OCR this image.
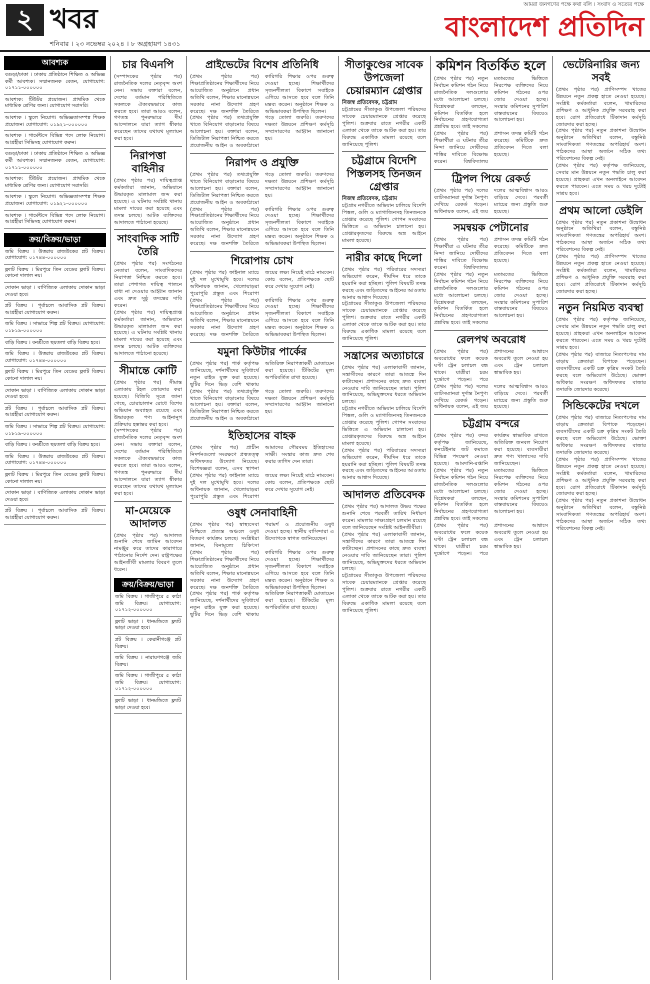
২ খবর
শনিবার । ২৩ নভেম্বর ২০২৪ । ৮ অগ্রহায়ণ ১৪৩১
আমরা জনগণের পক্ষে কথা বলি । সংবাদ ও সত্যের পক্ষে
বাংলাদেশ প্রতিদিন
আবশ্যক
বগুড়া/ঢাকা । ঢাকায় প্রতিষ্ঠানে শিক্ষিত ও অভিজ্ঞ কর্মী আবশ্যক। সম্মানজনক বেতন, যোগাযোগ: ০১৭১১-০০০০০০
আবশ্যক: টিউটর প্রয়োজন। প্রাথমিক থেকে মাধ্যমিক শ্রেণির জন্য। যোগাযোগ সরাসরি।
আবশ্যক । স্কুলে নিয়োগ। অভিজ্ঞতাসম্পন্ন শিক্ষক প্রয়োজন। যোগাযোগ: ০১৯২১-০০০০০০
আবশ্যক । গার্মেন্টসে বিভিন্ন পদে লোক নিয়োগ। আগ্রহীরা সিভিসহ যোগাযোগ করুন।
বগুড়া/ঢাকা । ঢাকায় প্রতিষ্ঠানে শিক্ষিত ও অভিজ্ঞ কর্মী আবশ্যক। সম্মানজনক বেতন, যোগাযোগ: ০১৭১১-০০০০০০
আবশ্যক: টিউটর প্রয়োজন। প্রাথমিক থেকে মাধ্যমিক শ্রেণির জন্য। যোগাযোগ সরাসরি।
আবশ্যক । স্কুলে নিয়োগ। অভিজ্ঞতাসম্পন্ন শিক্ষক প্রয়োজন। যোগাযোগ: ০১৯২১-০০০০০০
আবশ্যক । গার্মেন্টসে বিভিন্ন পদে লোক নিয়োগ। আগ্রহীরা সিভিসহ যোগাযোগ করুন।
ক্রয়/বিক্রয়/ভাড়া
জমি বিক্রয় । উত্তরায় রাজউকের প্লট বিক্রয়। যোগাযোগ: ০১৭৪৪-০০০০০০
ফ্ল্যাট বিক্রয় । মিরপুরে তিন বেডের ফ্ল্যাট বিক্রয়। কোনো দালাল নয়।
দোকান ভাড়া । বাণিজ্যিক এলাকায় দোকান ভাড়া দেওয়া হবে।
প্লট বিক্রয় । পূর্বাচলে আবাসিক প্লট বিক্রয়। আগ্রহীরা যোগাযোগ করুন।
জমি বিক্রয় । সাভারে শিল্প প্লট বিক্রয়। যোগাযোগ: ০১৮১৯-০০০০০০
বাড়ি বিক্রয় । বনশ্রীতে ছয়তলা বাড়ি বিক্রয় হবে।
জমি বিক্রয় । উত্তরায় রাজউকের প্লট বিক্রয়। যোগাযোগ: ০১৭৪৪-০০০০০০
ফ্ল্যাট বিক্রয় । মিরপুরে তিন বেডের ফ্ল্যাট বিক্রয়। কোনো দালাল নয়।
দোকান ভাড়া । বাণিজ্যিক এলাকায় দোকান ভাড়া দেওয়া হবে।
প্লট বিক্রয় । পূর্বাচলে আবাসিক প্লট বিক্রয়। আগ্রহীরা যোগাযোগ করুন।
জমি বিক্রয় । সাভারে শিল্প প্লট বিক্রয়। যোগাযোগ: ০১৮১৯-০০০০০০
বাড়ি বিক্রয় । বনশ্রীতে ছয়তলা বাড়ি বিক্রয় হবে।
জমি বিক্রয় । উত্তরায় রাজউকের প্লট বিক্রয়। যোগাযোগ: ০১৭৪৪-০০০০০০
ফ্ল্যাট বিক্রয় । মিরপুরে তিন বেডের ফ্ল্যাট বিক্রয়। কোনো দালাল নয়।
দোকান ভাড়া । বাণিজ্যিক এলাকায় দোকান ভাড়া দেওয়া হবে।
প্লট বিক্রয় । পূর্বাচলে আবাসিক প্লট বিক্রয়। আগ্রহীরা যোগাযোগ করুন।
চার বিএনপি
(সম্পাদকের পৃষ্ঠার পর) রাজনৈতিক দলের নেতৃবৃন্দ অংশ নেন। সভায় বক্তারা বলেন, দেশের বর্তমান পরিস্থিতিতে সকলকে ঐক্যবদ্ধভাবে কাজ করতে হবে। তারা আরও বলেন, গণতন্ত্র পুনরুদ্ধারে দীর্ঘ আন্দোলনে যারা ত্যাগ স্বীকার করেছেন তাদের যথাযথ মূল্যায়ন করা হবে।
নিরাপত্তা বাহিনীর
(প্রথম পৃষ্ঠার পর) দায়িত্বপ্রাপ্ত কর্মকর্তারা জানান, অভিযানে উদ্ধারকৃত মালামাল জব্দ করা হয়েছে। এ ঘটনায় সংশ্লিষ্ট থানায় মামলা দায়ের করা হয়েছে এবং তদন্ত চলছে। আটক ব্যক্তিদের আদালতে পাঠানো হয়েছে।
সাংবাদিক সাটি তৈরি
(প্রথম পৃষ্ঠার পর) সংগঠনের নেতারা বলেন, সাংবাদিকদের নিরাপত্তা নিশ্চিত করতে হবে। তারা পেশাগত দায়িত্ব পালনে বাধা না দেওয়ার আহ্বান জানান এবং দ্রুত সুষ্ঠু তদন্তের দাবি করেন।
(প্রথম পৃষ্ঠার পর) দায়িত্বপ্রাপ্ত কর্মকর্তারা জানান, অভিযানে উদ্ধারকৃত মালামাল জব্দ করা হয়েছে। এ ঘটনায় সংশ্লিষ্ট থানায় মামলা দায়ের করা হয়েছে এবং তদন্ত চলছে। আটক ব্যক্তিদের আদালতে পাঠানো হয়েছে।
সীমান্তে কোটি
(প্রথম পৃষ্ঠার পর) সীমান্ত এলাকায় টহল জোরদার করা হয়েছে। বিজিবি সূত্রে জানা গেছে, চোরাচালান রোধে বিশেষ অভিযান অব্যাহত রয়েছে এবং উদ্ধারকৃত পণ্য আইনানুগ প্রক্রিয়ায় হস্তান্তর করা হবে।
(সম্পাদকের পৃষ্ঠার পর) রাজনৈতিক দলের নেতৃবৃন্দ অংশ নেন। সভায় বক্তারা বলেন, দেশের বর্তমান পরিস্থিতিতে সকলকে ঐক্যবদ্ধভাবে কাজ করতে হবে। তারা আরও বলেন, গণতন্ত্র পুনরুদ্ধারে দীর্ঘ আন্দোলনে যারা ত্যাগ স্বীকার করেছেন তাদের যথাযথ মূল্যায়ন করা হবে।
মা-মেয়েকে আদালত
(প্রথম পৃষ্ঠার পর) আদালত শুনানি শেষে জামিন আবেদন নামঞ্জুর করে তাদের কারাগারে পাঠানোর নির্দেশ দেন। রাষ্ট্রপক্ষের আইনজীবী মামলার বিবরণ তুলে ধরেন।
ক্রয়/বিক্রয়/ভাড়া
জমি বিক্রয় । গাজীপুরে ৫ কাঠা জমি বিক্রয়। যোগাযোগ: ০১৭১২-০০০০০০
ফ্ল্যাট ভাড়া । ধানমন্ডিতে ফ্ল্যাট ভাড়া দেওয়া হবে।
প্লট বিক্রয় । কেরানীগঞ্জে প্লট বিক্রয়।
জমি বিক্রয় । নারায়ণগঞ্জে জমি বিক্রয়।
জমি বিক্রয় । গাজীপুরে ৫ কাঠা জমি বিক্রয়। যোগাযোগ: ০১৭১২-০০০০০০
ফ্ল্যাট ভাড়া । ধানমন্ডিতে ফ্ল্যাট ভাড়া দেওয়া হবে।
প্রাইভেটের বিশেষ প্রতিনিধি
(প্রথম পৃষ্ঠার পর) শিক্ষাপ্রতিষ্ঠানের শিক্ষার্থীদের নিয়ে আয়োজিত অনুষ্ঠানে প্রধান অতিথি বলেন, শিক্ষার মানোন্নয়নে সরকার নানা উদ্যোগ গ্রহণ করেছে। দক্ষ জনশক্তি তৈরিতে কারিগরি শিক্ষার ওপর গুরুত্ব দেওয়া হচ্ছে। শিক্ষার্থীদের সৃজনশীলতা বিকাশে সবাইকে এগিয়ে আসতে হবে বলে তিনি মন্তব্য করেন। অনুষ্ঠানে শিক্ষক ও অভিভাবকরা উপস্থিত ছিলেন।
(প্রথম পৃষ্ঠার পর) তথ্যপ্রযুক্তি খাতে বিনিয়োগ বাড়ানোর বিষয়ে আলোচনা হয়। বক্তারা বলেন, ডিজিটাল নিরাপত্তা নিশ্চিত করতে প্রয়োজনীয় আইন ও অবকাঠামো গড়ে তোলা জরুরি। তরুণদের দক্ষতা উন্নয়নে প্রশিক্ষণ কর্মসূচি সম্প্রসারণের আহ্বান জানানো হয়।
নিরাপদ ও প্রযুক্তি
(প্রথম পৃষ্ঠার পর) তথ্যপ্রযুক্তি খাতে বিনিয়োগ বাড়ানোর বিষয়ে আলোচনা হয়। বক্তারা বলেন, ডিজিটাল নিরাপত্তা নিশ্চিত করতে প্রয়োজনীয় আইন ও অবকাঠামো গড়ে তোলা জরুরি। তরুণদের দক্ষতা উন্নয়নে প্রশিক্ষণ কর্মসূচি সম্প্রসারণের আহ্বান জানানো হয়।
(প্রথম পৃষ্ঠার পর) শিক্ষাপ্রতিষ্ঠানের শিক্ষার্থীদের নিয়ে আয়োজিত অনুষ্ঠানে প্রধান অতিথি বলেন, শিক্ষার মানোন্নয়নে সরকার নানা উদ্যোগ গ্রহণ করেছে। দক্ষ জনশক্তি তৈরিতে কারিগরি শিক্ষার ওপর গুরুত্ব দেওয়া হচ্ছে। শিক্ষার্থীদের সৃজনশীলতা বিকাশে সবাইকে এগিয়ে আসতে হবে বলে তিনি মন্তব্য করেন। অনুষ্ঠানে শিক্ষক ও অভিভাবকরা উপস্থিত ছিলেন।
শিরোপায় চোখ
(প্রথম পৃষ্ঠার পর) ফাইনাল ম্যাচে দুই দল মুখোমুখি হবে। দলের অধিনায়ক জানান, খেলোয়াড়রা পুরোপুরি প্রস্তুত এবং শিরোপা জয়ের লক্ষ্য নিয়েই মাঠে নামবেন। কোচ বলেন, প্রতিপক্ষকে ছোট করে দেখার সুযোগ নেই।
(প্রথম পৃষ্ঠার পর) শিক্ষাপ্রতিষ্ঠানের শিক্ষার্থীদের নিয়ে আয়োজিত অনুষ্ঠানে প্রধান অতিথি বলেন, শিক্ষার মানোন্নয়নে সরকার নানা উদ্যোগ গ্রহণ করেছে। দক্ষ জনশক্তি তৈরিতে কারিগরি শিক্ষার ওপর গুরুত্ব দেওয়া হচ্ছে। শিক্ষার্থীদের সৃজনশীলতা বিকাশে সবাইকে এগিয়ে আসতে হবে বলে তিনি মন্তব্য করেন। অনুষ্ঠানে শিক্ষক ও অভিভাবকরা উপস্থিত ছিলেন।
যমুনা কিউটার পার্কের
(প্রথম পৃষ্ঠার পর) পার্ক কর্তৃপক্ষ জানিয়েছে, দর্শনার্থীদের সুবিধার্থে নতুন রাইড যুক্ত করা হয়েছে। ছুটির দিনে ভিড় বেশি থাকায় অতিরিক্ত নিরাপত্তাকর্মী মোতায়েন করা হয়েছে। টিকিটের মূল্য অপরিবর্তিত রাখা হয়েছে।
(প্রথম পৃষ্ঠার পর) তথ্যপ্রযুক্তি খাতে বিনিয়োগ বাড়ানোর বিষয়ে আলোচনা হয়। বক্তারা বলেন, ডিজিটাল নিরাপত্তা নিশ্চিত করতে প্রয়োজনীয় আইন ও অবকাঠামো গড়ে তোলা জরুরি। তরুণদের দক্ষতা উন্নয়নে প্রশিক্ষণ কর্মসূচি সম্প্রসারণের আহ্বান জানানো হয়।
ইতিহাসের বাহক
(প্রথম পৃষ্ঠার পর) প্রাচীন নিদর্শনগুলো সংরক্ষণে প্রত্নতত্ত্ব অধিদফতর উদ্যোগ নিয়েছে। বিশেষজ্ঞরা বলেন, এসব স্থাপনা আমাদের গৌরবময় ইতিহাসের সাক্ষী। সংস্কার কাজ দ্রুত শেষ করার তাগিদ দেন তারা।
(প্রথম পৃষ্ঠার পর) ফাইনাল ম্যাচে দুই দল মুখোমুখি হবে। দলের অধিনায়ক জানান, খেলোয়াড়রা পুরোপুরি প্রস্তুত এবং শিরোপা জয়ের লক্ষ্য নিয়েই মাঠে নামবেন। কোচ বলেন, প্রতিপক্ষকে ছোট করে দেখার সুযোগ নেই।
ওষুধ সেনাবাহিনী
(প্রথম পৃষ্ঠার পর) স্বাস্থ্যসেবা নিশ্চিতে প্রত্যন্ত অঞ্চলে ওষুধ বিতরণ কার্যক্রম চলছে। সংশ্লিষ্টরা জানান, বিনামূল্যে চিকিৎসা পরামর্শ ও প্রয়োজনীয় ওষুধ দেওয়া হচ্ছে। স্থানীয় বাসিন্দারা এ উদ্যোগকে স্বাগত জানিয়েছেন।
(প্রথম পৃষ্ঠার পর) শিক্ষাপ্রতিষ্ঠানের শিক্ষার্থীদের নিয়ে আয়োজিত অনুষ্ঠানে প্রধান অতিথি বলেন, শিক্ষার মানোন্নয়নে সরকার নানা উদ্যোগ গ্রহণ করেছে। দক্ষ জনশক্তি তৈরিতে কারিগরি শিক্ষার ওপর গুরুত্ব দেওয়া হচ্ছে। শিক্ষার্থীদের সৃজনশীলতা বিকাশে সবাইকে এগিয়ে আসতে হবে বলে তিনি মন্তব্য করেন। অনুষ্ঠানে শিক্ষক ও অভিভাবকরা উপস্থিত ছিলেন।
(প্রথম পৃষ্ঠার পর) পার্ক কর্তৃপক্ষ জানিয়েছে, দর্শনার্থীদের সুবিধার্থে নতুন রাইড যুক্ত করা হয়েছে। ছুটির দিনে ভিড় বেশি থাকায় অতিরিক্ত নিরাপত্তাকর্মী মোতায়েন করা হয়েছে। টিকিটের মূল্য অপরিবর্তিত রাখা হয়েছে।
সীতাকুণ্ডের সাবেক উপজেলা চেয়ারম্যান গ্রেপ্তার
নিজস্ব প্রতিবেদক, চট্টগ্রাম
চট্টগ্রামের সীতাকুণ্ড উপজেলা পরিষদের সাবেক চেয়ারম্যানকে গ্রেপ্তার করেছে পুলিশ। শুক্রবার রাতে নগরীর একটি এলাকা থেকে তাকে আটক করা হয়। তার বিরুদ্ধে একাধিক মামলা রয়েছে বলে জানিয়েছে পুলিশ।
চট্টগ্রামে বিদেশি পিস্তলসহ তিনজন গ্রেপ্তার
নিজস্ব প্রতিবেদক, চট্টগ্রাম
চট্টগ্রাম নগরীতে অভিযান চালিয়ে বিদেশি পিস্তল, গুলি ও ম্যাগাজিনসহ তিনজনকে গ্রেপ্তার করেছে পুলিশ। গোপন সংবাদের ভিত্তিতে এ অভিযান চালানো হয়। গ্রেপ্তারকৃতদের বিরুদ্ধে অস্ত্র আইনে মামলা হয়েছে।
নারীর কাছে দিলো
(প্রথম পৃষ্ঠার পর) পরিবারের সদস্যরা অভিযোগ করেন, দীর্ঘদিন ধরে তাকে হয়রানি করা হচ্ছিল। পুলিশ বিষয়টি তদন্ত করছে এবং জড়িতদের আইনের আওতায় আনার আশ্বাস দিয়েছে।
চট্টগ্রামের সীতাকুণ্ড উপজেলা পরিষদের সাবেক চেয়ারম্যানকে গ্রেপ্তার করেছে পুলিশ। শুক্রবার রাতে নগরীর একটি এলাকা থেকে তাকে আটক করা হয়। তার বিরুদ্ধে একাধিক মামলা রয়েছে বলে জানিয়েছে পুলিশ।
সন্ত্রাসের অত্যাচারে
(প্রথম পৃষ্ঠার পর) এলাকাবাসী জানান, সন্ত্রাসীদের কারণে তারা আতঙ্কে দিন কাটাচ্ছেন। প্রশাসনের কাছে দ্রুত ব্যবস্থা নেওয়ার দাবি জানিয়েছেন তারা। পুলিশ জানিয়েছে, অভিযুক্তদের ধরতে অভিযান চলছে।
চট্টগ্রাম নগরীতে অভিযান চালিয়ে বিদেশি পিস্তল, গুলি ও ম্যাগাজিনসহ তিনজনকে গ্রেপ্তার করেছে পুলিশ। গোপন সংবাদের ভিত্তিতে এ অভিযান চালানো হয়। গ্রেপ্তারকৃতদের বিরুদ্ধে অস্ত্র আইনে মামলা হয়েছে।
(প্রথম পৃষ্ঠার পর) পরিবারের সদস্যরা অভিযোগ করেন, দীর্ঘদিন ধরে তাকে হয়রানি করা হচ্ছিল। পুলিশ বিষয়টি তদন্ত করছে এবং জড়িতদের আইনের আওতায় আনার আশ্বাস দিয়েছে।
আদালত প্রতিবেদক
(প্রথম পৃষ্ঠার পর) আদালত উভয় পক্ষের শুনানি শেষে পরবর্তী তারিখ নির্ধারণ করেন। মামলার সাক্ষ্যগ্রহণ চলমান রয়েছে বলে জানিয়েছেন সংশ্লিষ্ট আইনজীবীরা।
(প্রথম পৃষ্ঠার পর) এলাকাবাসী জানান, সন্ত্রাসীদের কারণে তারা আতঙ্কে দিন কাটাচ্ছেন। প্রশাসনের কাছে দ্রুত ব্যবস্থা নেওয়ার দাবি জানিয়েছেন তারা। পুলিশ জানিয়েছে, অভিযুক্তদের ধরতে অভিযান চলছে।
চট্টগ্রামের সীতাকুণ্ড উপজেলা পরিষদের সাবেক চেয়ারম্যানকে গ্রেপ্তার করেছে পুলিশ। শুক্রবার রাতে নগরীর একটি এলাকা থেকে তাকে আটক করা হয়। তার বিরুদ্ধে একাধিক মামলা রয়েছে বলে জানিয়েছে পুলিশ।
কমিশন বিতর্কিত হলে
(প্রথম পৃষ্ঠার পর) নতুন নির্বাচন কমিশন গঠন নিয়ে রাজনৈতিক দলগুলোর মধ্যে আলোচনা চলছে। বিশ্লেষকরা বলছেন, কমিশন বিতর্কিত হলে নির্বাচনের গ্রহণযোগ্যতা প্রশ্নবিদ্ধ হবে। তাই সকলের মতামতের ভিত্তিতে নিরপেক্ষ ব্যক্তিদের নিয়ে কমিশন গঠনের ওপর জোর দেওয়া হচ্ছে। সংস্কার কমিশনের সুপারিশ বাস্তবায়নের বিষয়েও আলোচনা হয়।
(প্রথম পৃষ্ঠার পর) শিক্ষার্থীরা এ ঘটনার তীব্র নিন্দা জানিয়ে দোষীদের শাস্তির দাবিতে বিক্ষোভ করেন। বিশ্ববিদ্যালয় প্রশাসন তদন্ত কমিটি গঠন করেছে। কমিটিকে দ্রুত প্রতিবেদন দিতে বলা হয়েছে।
ট্রিপল পিয়ে রেকর্ড
(প্রথম পৃষ্ঠার পর) দলের ব্যাটসম্যানরা দুর্দান্ত নৈপুণ্য দেখিয়ে রেকর্ড গড়েন। অধিনায়ক বলেন, এই জয় দলের আত্মবিশ্বাস আরও বাড়িয়ে দেবে। পরবর্তী ম্যাচের জন্য প্রস্তুতি শুরু হয়েছে।
সমন্বয়ক পেটানোর
(প্রথম পৃষ্ঠার পর) শিক্ষার্থীরা এ ঘটনার তীব্র নিন্দা জানিয়ে দোষীদের শাস্তির দাবিতে বিক্ষোভ করেন। বিশ্ববিদ্যালয় প্রশাসন তদন্ত কমিটি গঠন করেছে। কমিটিকে দ্রুত প্রতিবেদন দিতে বলা হয়েছে।
(প্রথম পৃষ্ঠার পর) নতুন নির্বাচন কমিশন গঠন নিয়ে রাজনৈতিক দলগুলোর মধ্যে আলোচনা চলছে। বিশ্লেষকরা বলছেন, কমিশন বিতর্কিত হলে নির্বাচনের গ্রহণযোগ্যতা প্রশ্নবিদ্ধ হবে। তাই সকলের মতামতের ভিত্তিতে নিরপেক্ষ ব্যক্তিদের নিয়ে কমিশন গঠনের ওপর জোর দেওয়া হচ্ছে। সংস্কার কমিশনের সুপারিশ বাস্তবায়নের বিষয়েও আলোচনা হয়।
রেলপথ অবরোধ
(প্রথম পৃষ্ঠার পর) অবরোধের ফলে কয়েক ঘণ্টা ট্রেন চলাচল বন্ধ থাকে। যাত্রীরা চরম দুর্ভোগে পড়েন। পরে প্রশাসনের আশ্বাসে অবরোধ তুলে নেওয়া হয় এবং ট্রেন চলাচল স্বাভাবিক হয়।
(প্রথম পৃষ্ঠার পর) দলের ব্যাটসম্যানরা দুর্দান্ত নৈপুণ্য দেখিয়ে রেকর্ড গড়েন। অধিনায়ক বলেন, এই জয় দলের আত্মবিশ্বাস আরও বাড়িয়ে দেবে। পরবর্তী ম্যাচের জন্য প্রস্তুতি শুরু হয়েছে।
চট্টগ্রাম বন্দরে
(প্রথম পৃষ্ঠার পর) বন্দর কর্তৃপক্ষ জানিয়েছে, কনটেইনার জট কমাতে বিভিন্ন পদক্ষেপ নেওয়া হয়েছে। আমদানি-রপ্তানি কার্যক্রম স্বাভাবিক রাখতে অতিরিক্ত জনবল নিয়োগ করা হয়েছে। ব্যবসায়ীরা দ্রুত পণ্য খালাসের দাবি জানিয়েছেন।
(প্রথম পৃষ্ঠার পর) নতুন নির্বাচন কমিশন গঠন নিয়ে রাজনৈতিক দলগুলোর মধ্যে আলোচনা চলছে। বিশ্লেষকরা বলছেন, কমিশন বিতর্কিত হলে নির্বাচনের গ্রহণযোগ্যতা প্রশ্নবিদ্ধ হবে। তাই সকলের মতামতের ভিত্তিতে নিরপেক্ষ ব্যক্তিদের নিয়ে কমিশন গঠনের ওপর জোর দেওয়া হচ্ছে। সংস্কার কমিশনের সুপারিশ বাস্তবায়নের বিষয়েও আলোচনা হয়।
(প্রথম পৃষ্ঠার পর) অবরোধের ফলে কয়েক ঘণ্টা ট্রেন চলাচল বন্ধ থাকে। যাত্রীরা চরম দুর্ভোগে পড়েন। পরে প্রশাসনের আশ্বাসে অবরোধ তুলে নেওয়া হয় এবং ট্রেন চলাচল স্বাভাবিক হয়।
ভেটেরিনারির জন্য সবই
(প্রথম পৃষ্ঠার পর) প্রাণিসম্পদ খাতের উন্নয়নে নতুন প্রকল্প হাতে নেওয়া হয়েছে। সংশ্লিষ্ট কর্মকর্তারা বলেন, খামারিদের প্রশিক্ষণ ও আধুনিক প্রযুক্তি সরবরাহ করা হবে। রোগ প্রতিরোধে টিকাদান কর্মসূচি জোরদার করা হচ্ছে।
(প্রথম পৃষ্ঠার পর) নতুন প্রকাশনা উদ্বোধন অনুষ্ঠানে অতিথিরা বলেন, বস্তুনিষ্ঠ সাংবাদিকতা গণতন্ত্রের অপরিহার্য অংশ। পাঠকদের আস্থা অর্জনে সঠিক তথ্য পরিবেশনের বিকল্প নেই।
(প্রথম পৃষ্ঠার পর) কর্তৃপক্ষ জানিয়েছে, সেবার মান উন্নয়নে নতুন পদ্ধতি চালু করা হয়েছে। গ্রাহকরা এখন অনলাইনে আবেদন করতে পারবেন। এতে সময় ও খরচ দুটোই সাশ্রয় হবে।
প্রথম আলো ডেইলি
(প্রথম পৃষ্ঠার পর) নতুন প্রকাশনা উদ্বোধন অনুষ্ঠানে অতিথিরা বলেন, বস্তুনিষ্ঠ সাংবাদিকতা গণতন্ত্রের অপরিহার্য অংশ। পাঠকদের আস্থা অর্জনে সঠিক তথ্য পরিবেশনের বিকল্প নেই।
(প্রথম পৃষ্ঠার পর) প্রাণিসম্পদ খাতের উন্নয়নে নতুন প্রকল্প হাতে নেওয়া হয়েছে। সংশ্লিষ্ট কর্মকর্তারা বলেন, খামারিদের প্রশিক্ষণ ও আধুনিক প্রযুক্তি সরবরাহ করা হবে। রোগ প্রতিরোধে টিকাদান কর্মসূচি জোরদার করা হচ্ছে।
নতুন নিয়মিত ব্যবস্থা
(প্রথম পৃষ্ঠার পর) কর্তৃপক্ষ জানিয়েছে, সেবার মান উন্নয়নে নতুন পদ্ধতি চালু করা হয়েছে। গ্রাহকরা এখন অনলাইনে আবেদন করতে পারবেন। এতে সময় ও খরচ দুটোই সাশ্রয় হবে।
(প্রথম পৃষ্ঠার পর) বাজারে নিত্যপণ্যের দাম বাড়ায় ক্রেতারা বিপাকে পড়েছেন। ব্যবসায়ীদের একটি চক্র কৃত্রিম সংকট তৈরি করছে বলে অভিযোগ উঠেছে। ভোক্তা অধিকার সংরক্ষণ অধিদফতর বাজার তদারকি জোরদার করেছে।
সিন্ডিকেটের দখলে
(প্রথম পৃষ্ঠার পর) বাজারে নিত্যপণ্যের দাম বাড়ায় ক্রেতারা বিপাকে পড়েছেন। ব্যবসায়ীদের একটি চক্র কৃত্রিম সংকট তৈরি করছে বলে অভিযোগ উঠেছে। ভোক্তা অধিকার সংরক্ষণ অধিদফতর বাজার তদারকি জোরদার করেছে।
(প্রথম পৃষ্ঠার পর) প্রাণিসম্পদ খাতের উন্নয়নে নতুন প্রকল্প হাতে নেওয়া হয়েছে। সংশ্লিষ্ট কর্মকর্তারা বলেন, খামারিদের প্রশিক্ষণ ও আধুনিক প্রযুক্তি সরবরাহ করা হবে। রোগ প্রতিরোধে টিকাদান কর্মসূচি জোরদার করা হচ্ছে।
(প্রথম পৃষ্ঠার পর) নতুন প্রকাশনা উদ্বোধন অনুষ্ঠানে অতিথিরা বলেন, বস্তুনিষ্ঠ সাংবাদিকতা গণতন্ত্রের অপরিহার্য অংশ। পাঠকদের আস্থা অর্জনে সঠিক তথ্য পরিবেশনের বিকল্প নেই।
